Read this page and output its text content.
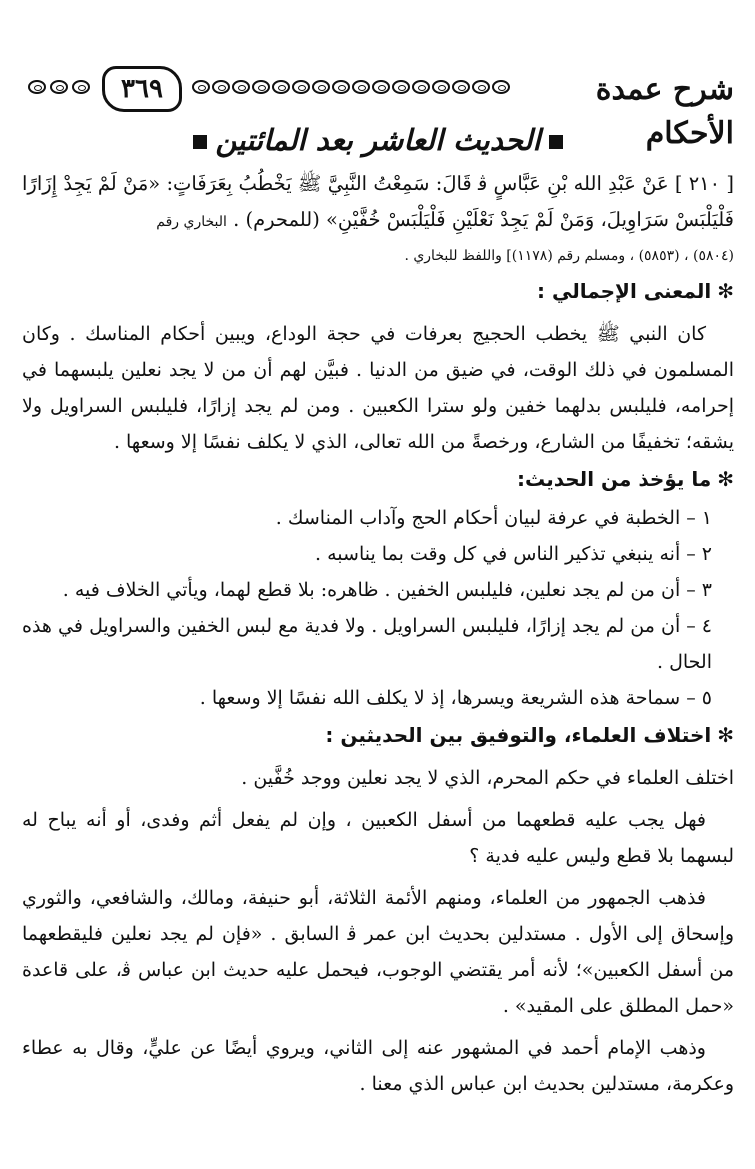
٣٦٩	شرح عمدة الأحكام
الحديث العاشر بعد المائتين

[ ٢١٠ ] عَنْ عَبْدِ الله بْنِ عَبَّاسٍ ﭬ قَالَ: سَمِعْتُ النَّبِيَّ ﷺ يَخْطُبُ بِعَرَفَاتٍ: «مَنْ لَمْ يَجِدْ إِزَارًا فَلْيَلْبَسْ سَرَاوِيلَ، وَمَنْ لَمْ يَجِدْ نَعْلَيْنِ فَلْيَلْبَسْ خُفَّيْنِ» (للمحرم) . البخاري رقم

(٥٨٠٤) ، (٥٨٥٣) ، ومسلم رقم (١١٧٨)] واللفظ للبخاري .

✻المعنى الإجمالي :

كان النبي ﷺ يخطب الحجيج بعرفات في حجة الوداع، ويبين أحكام المناسك . وكان المسلمون في ذلك الوقت، في ضيق من الدنيا . فبيَّن لهم أن من لا يجد نعلين يلبسهما في إحرامه، فليلبس بدلهما خفين ولو سترا الكعبين . ومن لم يجد إزارًا، فليلبس السراويل ولا يشقه؛ تخفيفًا من الشارع، ورخصةً من الله تعالى، الذي لا يكلف نفسًا إلا وسعها .

✻ما يؤخذ من الحديث:
١ –الخطبة في عرفة لبيان أحكام الحج وآداب المناسك .
٢ –أنه ينبغي تذكير الناس في كل وقت بما يناسبه .
٣ –أن من لم يجد نعلين، فليلبس الخفين . ظاهره: بلا قطع لهما، ويأتي الخلاف فيه .
٤ –أن من لم يجد إزارًا، فليلبس السراويل . ولا فدية مع لبس الخفين والسراويل في هذه الحال .
٥ –سماحة هذه الشريعة ويسرها، إذ لا يكلف الله نفسًا إلا وسعها .
✻اختلاف العلماء، والتوفيق بين الحديثين :

اختلف العلماء في حكم المحرم، الذي لا يجد نعلين ووجد خُفَّين .

فهل يجب عليه قطعهما من أسفل الكعبين ، وإن لم يفعل أثم وفدى، أو أنه يباح له لبسهما بلا قطع وليس عليه فدية ؟

فذهب الجمهور من العلماء، ومنهم الأئمة الثلاثة، أبو حنيفة، ومالك، والشافعي، والثوري وإسحاق إلى الأول . مستدلين بحديث ابن عمر ﭬ السابق . «فإن لم يجد نعلين فليقطعهما من أسفل الكعبين»؛ لأنه أمر يقتضي الوجوب، فيحمل عليه حديث ابن عباس ﭬ، على قاعدة «حمل المطلق على المقيد» .

وذهب الإمام أحمد في المشهور عنه إلى الثاني، ويروي أيضًا عن عليٍّ، وقال به عطاء وعكرمة، مستدلين بحديث ابن عباس الذي معنا .
